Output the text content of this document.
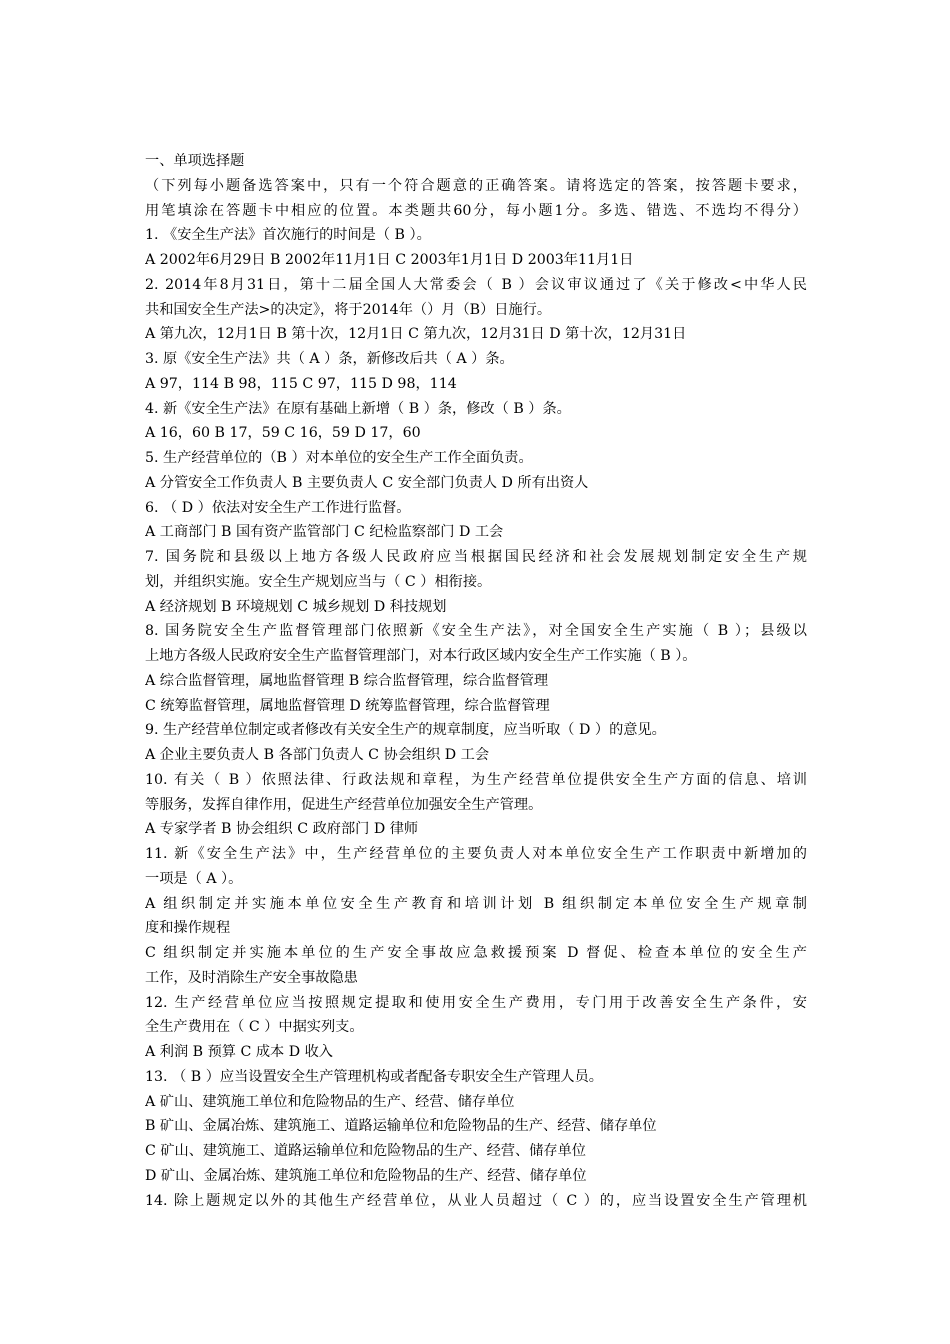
一、单项选择题
（下列每小题备选答案中，只有一个符合题意的正确答案。请将选定的答案，按答题卡要求，
用笔填涂在答题卡中相应的位置。本类题共60分，每小题1分。多选、错选、不选均不得分）
1. 《安全生产法》首次施行的时间是（ B ）。
A 2002年6月29日 B 2002年11月1日 C 2003年1月1日 D 2003年11月1日
2. 2014年8月31日，第十二届全国人大常委会（ B ）会议审议通过了《关于修改<中华人民
共和国安全生产法>的决定》，将于2014年（）月（B）日施行。
A 第九次，12月1日 B 第十次，12月1日 C 第九次，12月31日 D 第十次，12月31日
3. 原《安全生产法》共（ A ）条，新修改后共（ A ）条。
A 97，114 B 98，115 C 97，115 D 98，114
4. 新《安全生产法》在原有基础上新增（ B ）条，修改（ B ）条。
A 16，60 B 17，59 C 16，59 D 17，60
5. 生产经营单位的（B ）对本单位的安全生产工作全面负责。
A 分管安全工作负责人 B 主要负责人 C 安全部门负责人 D 所有出资人
6. （ D ）依法对安全生产工作进行监督。
A 工商部门 B 国有资产监管部门 C 纪检监察部门 D 工会
7. 国务院和县级以上地方各级人民政府应当根据国民经济和社会发展规划制定安全生产规
划，并组织实施。安全生产规划应当与（ C ）相衔接。
A 经济规划 B 环境规划 C 城乡规划 D 科技规划
8. 国务院安全生产监督管理部门依照新《安全生产法》，对全国安全生产实施（ B ）；县级以
上地方各级人民政府安全生产监督管理部门，对本行政区域内安全生产工作实施（ B ）。
A 综合监督管理，属地监督管理 B 综合监督管理，综合监督管理
C 统筹监督管理，属地监督管理 D 统筹监督管理，综合监督管理
9. 生产经营单位制定或者修改有关安全生产的规章制度，应当听取（ D ）的意见。
A 企业主要负责人 B 各部门负责人 C 协会组织 D 工会
10. 有关（ B ）依照法律、行政法规和章程，为生产经营单位提供安全生产方面的信息、培训
等服务，发挥自律作用，促进生产经营单位加强安全生产管理。
A 专家学者 B 协会组织 C 政府部门 D 律师
11. 新《安全生产法》中，生产经营单位的主要负责人对本单位安全生产工作职责中新增加的
一项是（ A ）。
A 组织制定并实施本单位安全生产教育和培训计划 B 组织制定本单位安全生产规章制
度和操作规程
C 组织制定并实施本单位的生产安全事故应急救援预案 D 督促、检查本单位的安全生产
工作，及时消除生产安全事故隐患
12. 生产经营单位应当按照规定提取和使用安全生产费用，专门用于改善安全生产条件，安
全生产费用在（ C ）中据实列支。
A 利润 B 预算 C 成本 D 收入
13. （ B ）应当设置安全生产管理机构或者配备专职安全生产管理人员。
A 矿山、建筑施工单位和危险物品的生产、经营、储存单位
B 矿山、金属冶炼、建筑施工、道路运输单位和危险物品的生产、经营、储存单位
C 矿山、建筑施工、道路运输单位和危险物品的生产、经营、储存单位
D 矿山、金属冶炼、建筑施工单位和危险物品的生产、经营、储存单位
14. 除上题规定以外的其他生产经营单位，从业人员超过（ C ）的，应当设置安全生产管理机
